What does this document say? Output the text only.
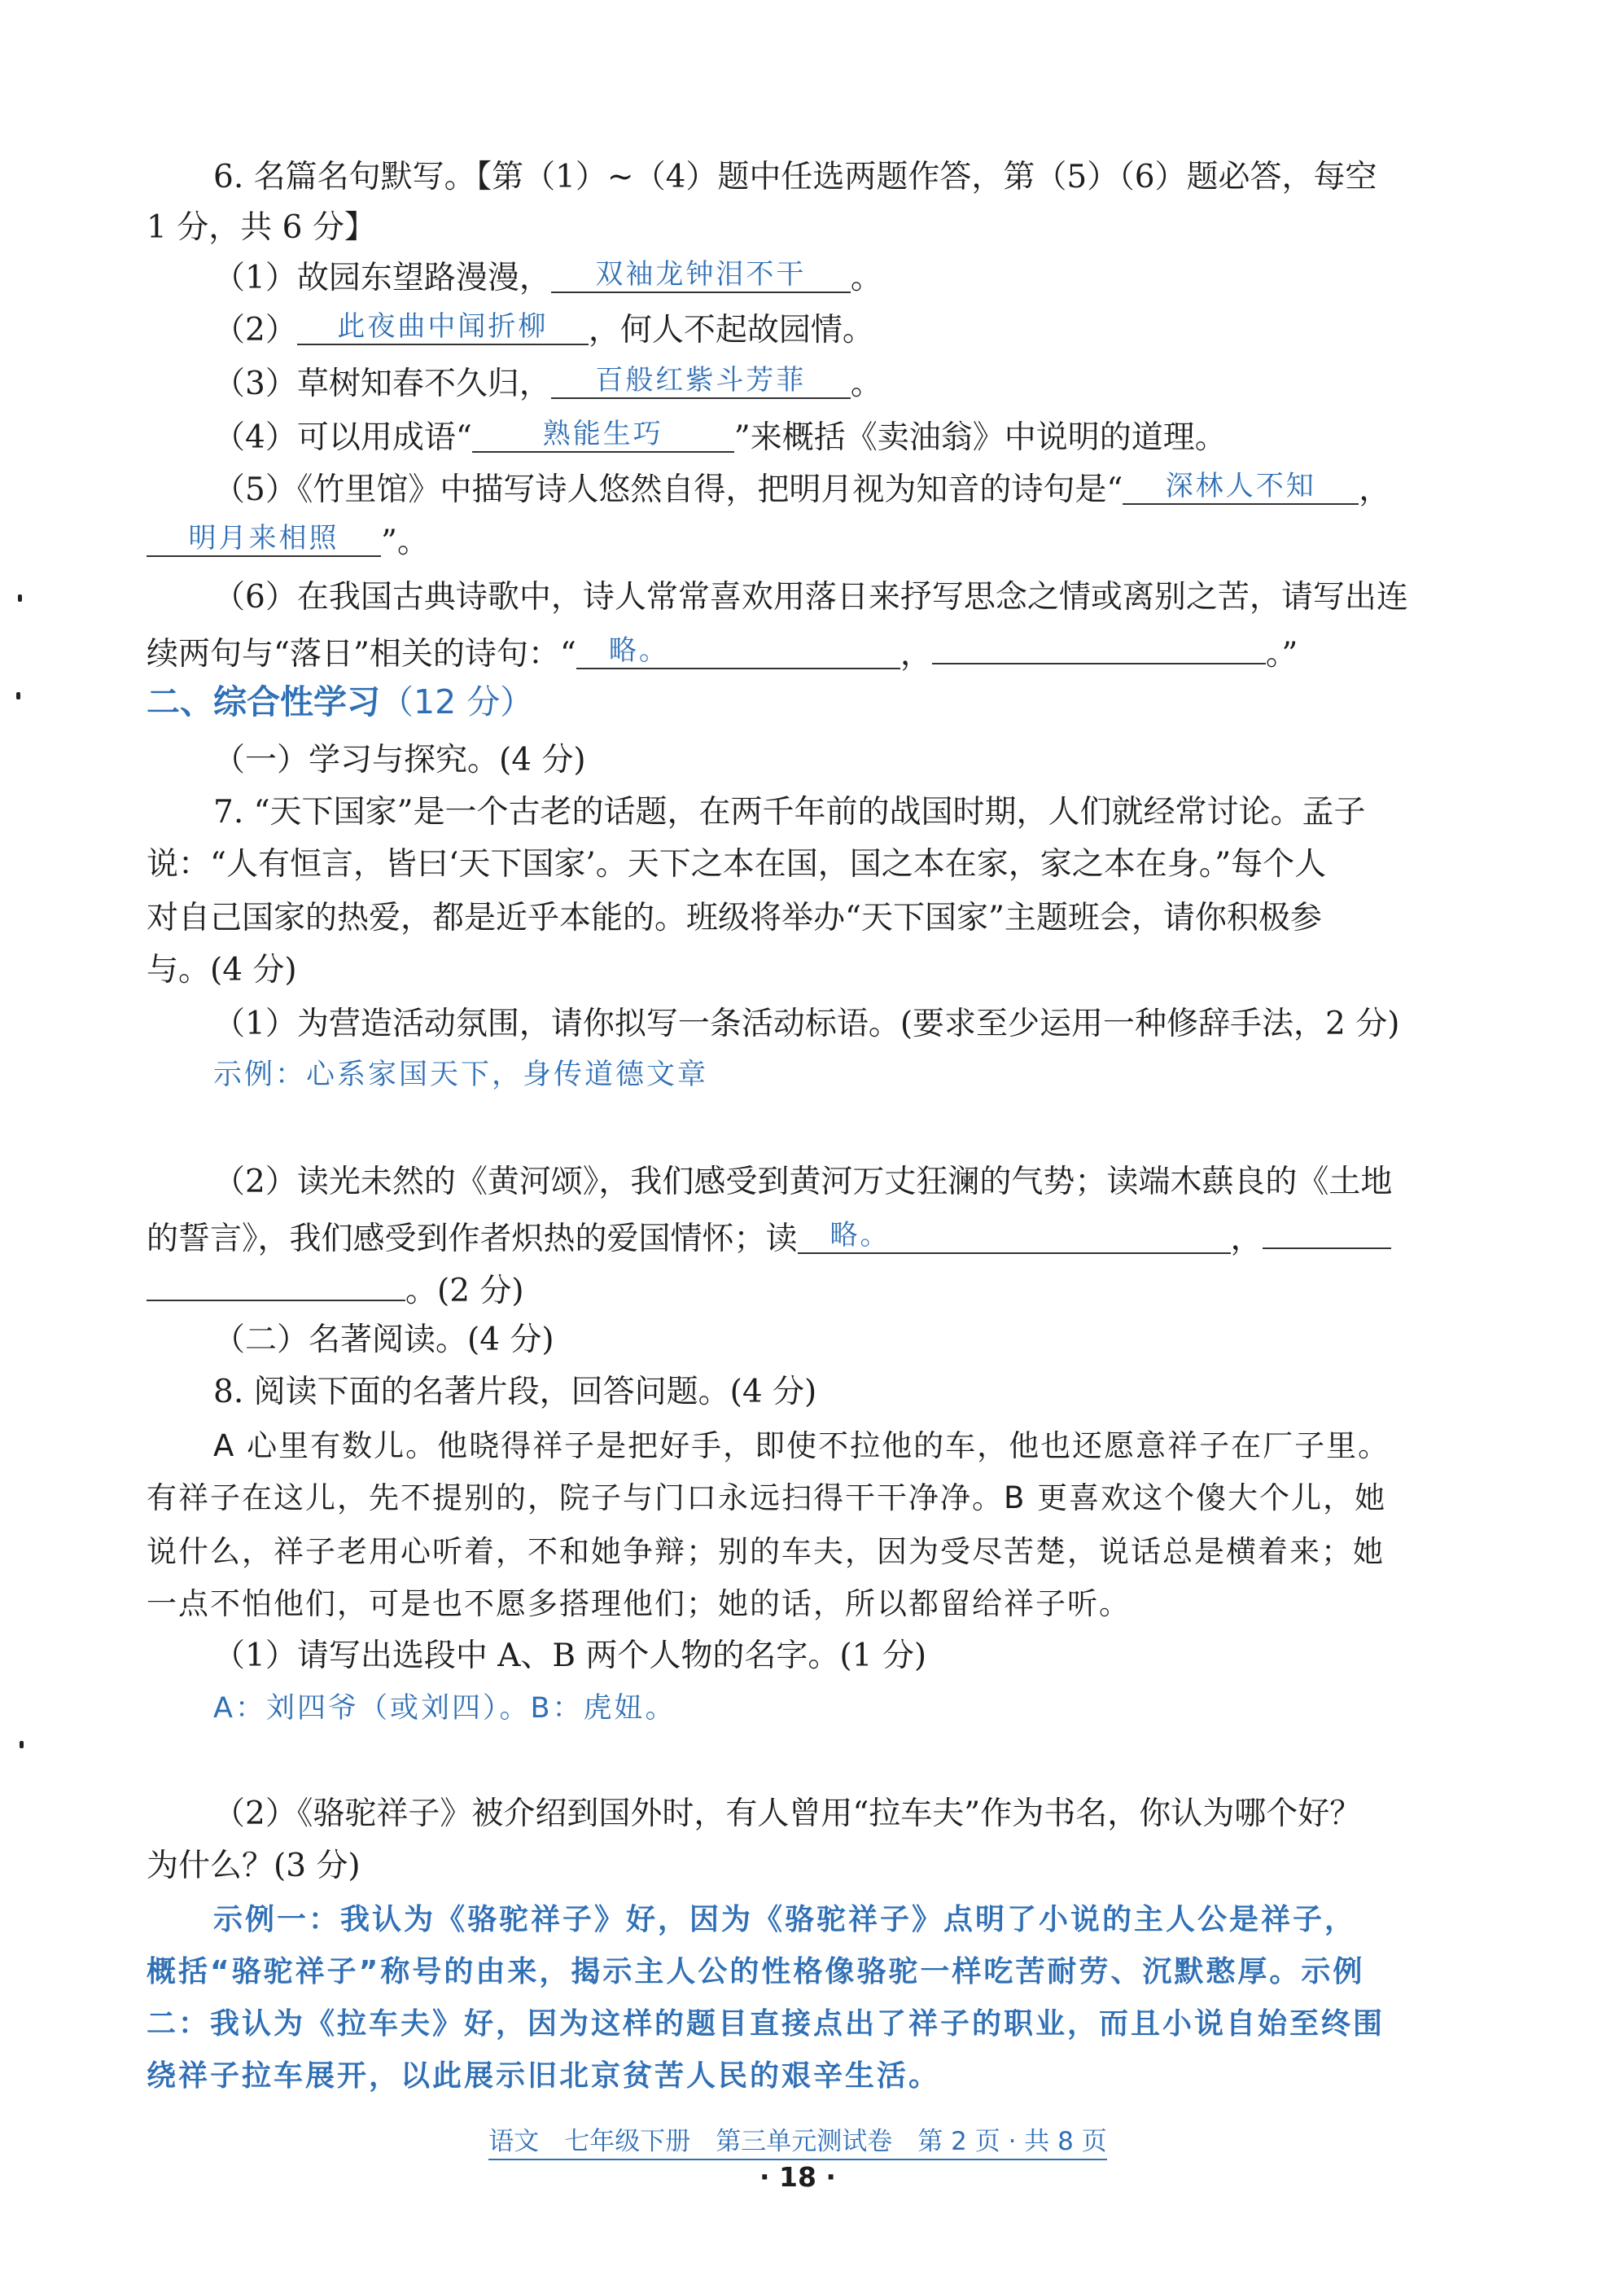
6. 名篇名句默写。【第（1）~（4）题中任选两题作答，第（5）（6）题必答，每空
1 分，共 6 分】
（1）故园东望路漫漫， 双袖龙钟泪不干 。
（2） 此夜曲中闻折柳 ，何人不起故园情。
（3）草树知春不久归， 百般红紫斗芳菲 。
（4）可以用成语“	熟能生巧 ”来概括《卖油翁》中说明的道理。
（5）《竹里馆》中描写诗人悠然自得，把明月视为知音的诗句是“ 深林人不知 ，
明月来相照 ”。
（6）在我国古典诗歌中，诗人常常喜欢用落日来抒写思念之情或离别之苦，请写出连
续两句与“落日”相关的诗句：“ 略。	，	。”
二、综合性学习（12 分）
（一）学习与探究。(4 分)
7. “天下国家”是一个古老的话题，在两千年前的战国时期，人们就经常讨论。孟子
说：“人有恒言，皆曰‘天下国家’。天下之本在国，国之本在家，家之本在身。”每个人
对自己国家的热爱，都是近乎本能的。班级将举办“天下国家”主题班会，请你积极参
与。(4 分)
（1）为营造活动氛围，请你拟写一条活动标语。(要求至少运用一种修辞手法，2 分)
示例：心系家国天下，身传道德文章
（2）读光未然的《黄河颂》，我们感受到黄河万丈狂澜的气势；读端木蕻良的《土地
的誓言》，我们感受到作者炽热的爱国情怀；读 略。	，
。(2 分)
（二）名著阅读。(4 分)
8. 阅读下面的名著片段，回答问题。(4 分)
A 心里有数儿。他晓得祥子是把好手，即使不拉他的车，他也还愿意祥子在厂子里。
有祥子在这儿，先不提别的，院子与门口永远扫得干干净净。B 更喜欢这个傻大个儿，她
说什么，祥子老用心听着，不和她争辩；别的车夫，因为受尽苦楚，说话总是横着来；她
一点不怕他们，可是也不愿多搭理他们；她的话，所以都留给祥子听。
（1）请写出选段中 A、B 两个人物的名字。(1 分)
A：刘四爷（或刘四）。B：虎妞。
（2）《骆驼祥子》被介绍到国外时，有人曾用“拉车夫”作为书名，你认为哪个好？
为什么？(3 分)
示例一：我认为《骆驼祥子》好，因为《骆驼祥子》点明了小说的主人公是祥子，
概括“骆驼祥子”称号的由来，揭示主人公的性格像骆驼一样吃苦耐劳、沉默憨厚。示例
二：我认为《拉车夫》好，因为这样的题目直接点出了祥子的职业，而且小说自始至终围
绕祥子拉车展开，以此展示旧北京贫苦人民的艰辛生活。
语文　七年级下册　第三单元测试卷　第 2 页 · 共 8 页
· 18 ·
